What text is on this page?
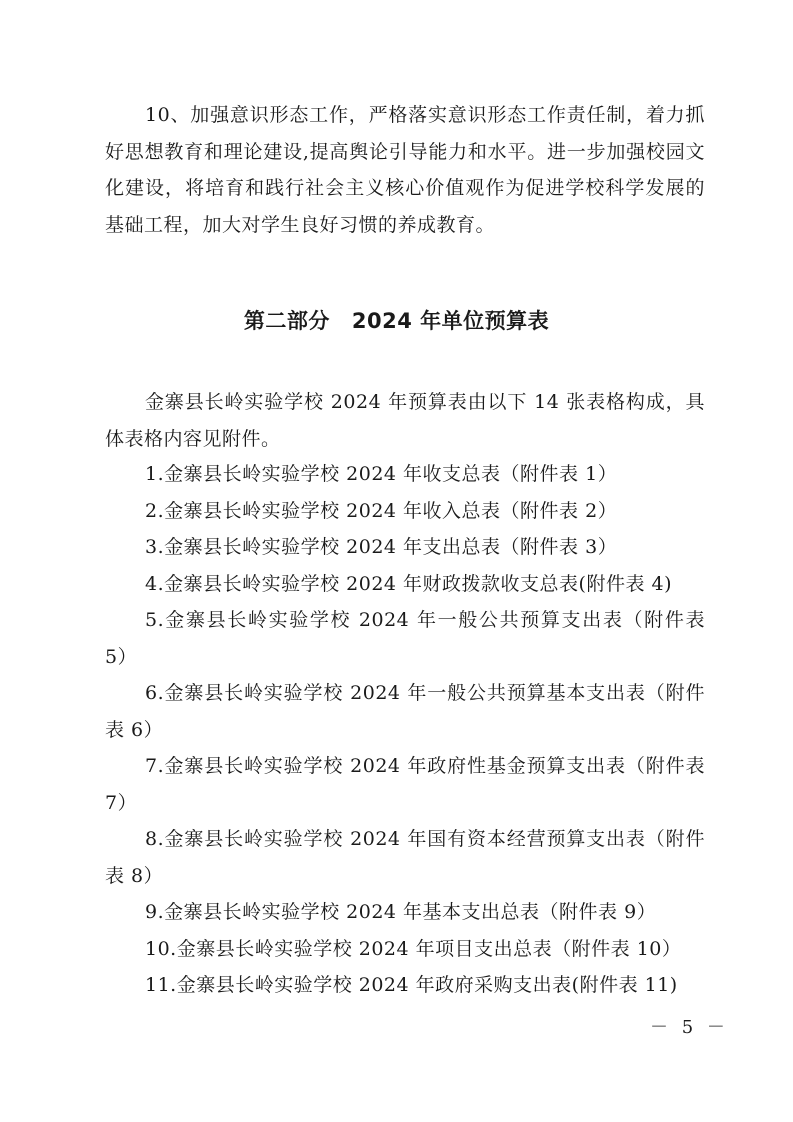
10、加强意识形态工作，严格落实意识形态工作责任制，着力抓好思想教育和理论建设,提高舆论引导能力和水平。进一步加强校园文化建设，将培育和践行社会主义核心价值观作为促进学校科学发展的基础工程，加大对学生良好习惯的养成教育。

第二部分 2024 年单位预算表

金寨县长岭实验学校 2024 年预算表由以下 14 张表格构成，具体表格内容见附件。

1.金寨县长岭实验学校 2024 年收支总表（附件表 1）
2.金寨县长岭实验学校 2024 年收入总表（附件表 2）
3.金寨县长岭实验学校 2024 年支出总表（附件表 3）
4.金寨县长岭实验学校 2024 年财政拨款收支总表(附件表 4)
5.金寨县长岭实验学校 2024 年一般公共预算支出表（附件表 5）
6.金寨县长岭实验学校 2024 年一般公共预算基本支出表（附件表 6）
7.金寨县长岭实验学校 2024 年政府性基金预算支出表（附件表 7）
8.金寨县长岭实验学校 2024 年国有资本经营预算支出表（附件表 8）
9.金寨县长岭实验学校 2024 年基本支出总表（附件表 9）
10.金寨县长岭实验学校 2024 年项目支出总表（附件表 10）
11.金寨县长岭实验学校 2024 年政府采购支出表(附件表 11)

－ 5 －
